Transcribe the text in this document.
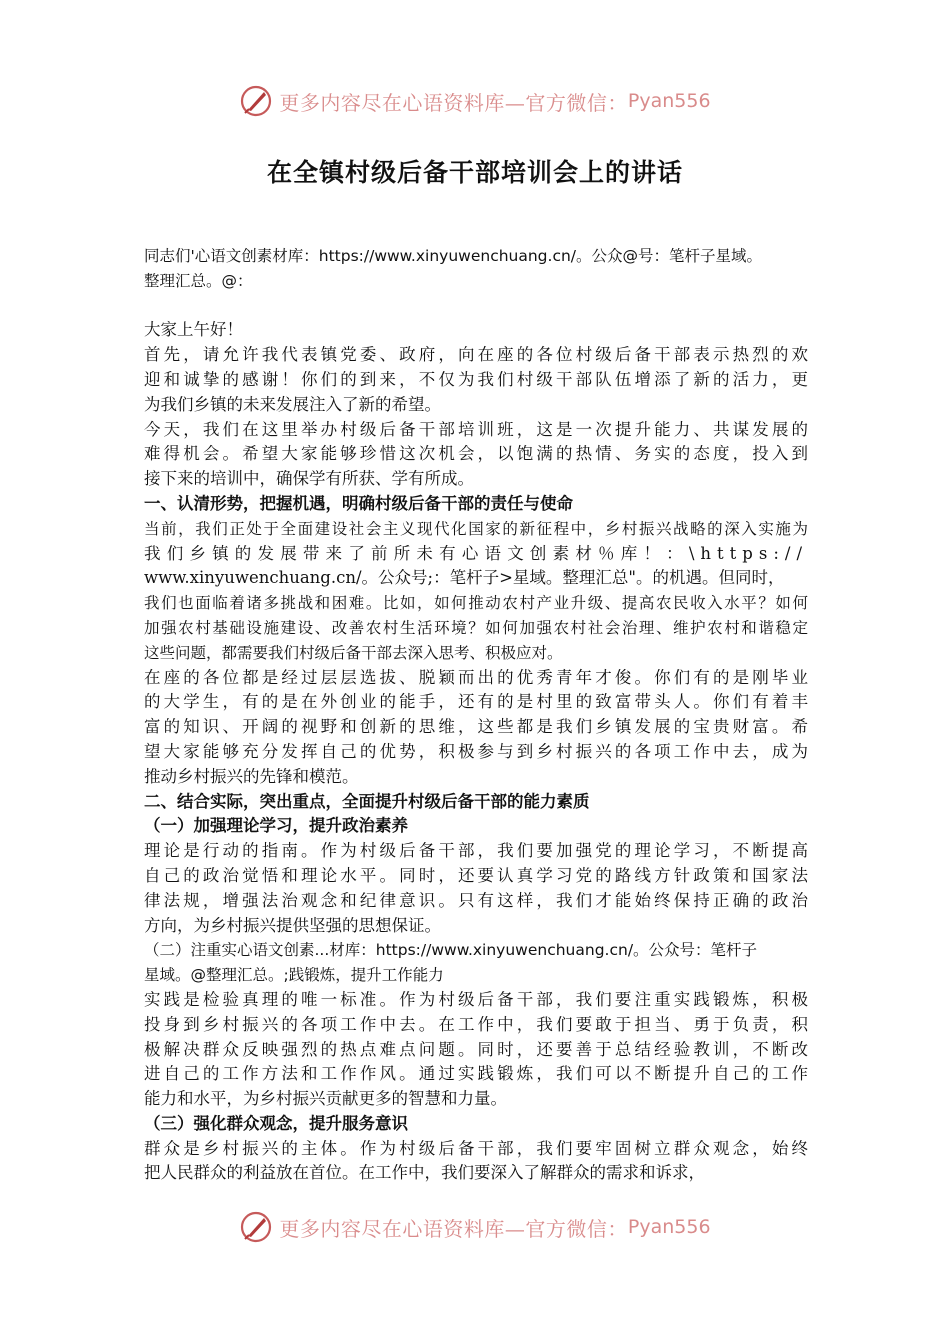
更多内容尽在心语资料库—官方微信： Pyan556
在全镇村级后备干部培训会上的讲话
同志们'心语文创素材库：https://www.xinyuwenchuang.cn/。公众@号：笔杆子星域。
整理汇总。@：
大家上午好！
首先，请允许我代表镇党委、政府，向在座的各位村级后备干部表示热烈的欢
迎和诚挚的感谢！你们的到来，不仅为我们村级干部队伍增添了新的活力，更
为我们乡镇的未来发展注入了新的希望。
今天，我们在这里举办村级后备干部培训班，这是一次提升能力、共谋发展的
难得机会。希望大家能够珍惜这次机会，以饱满的热情、务实的态度，投入到
接下来的培训中，确保学有所获、学有所成。
一、认清形势，把握机遇，明确村级后备干部的责任与使命
当前，我们正处于全面建设社会主义现代化国家的新征程中，乡村振兴战略的深入实施为
我们乡镇的发展带来了前所未有心语文创素材％库！：\https://
www.xinyuwenchuang.cn/。公众号;：笔杆子>星域。整理汇总"。的机遇。但同时，
我们也面临着诸多挑战和困难。比如，如何推动农村产业升级、提高农民收入水平？如何
加强农村基础设施建设、改善农村生活环境？如何加强农村社会治理、维护农村和谐稳定
这些问题，都需要我们村级后备干部去深入思考、积极应对。
在座的各位都是经过层层选拔、脱颖而出的优秀青年才俊。你们有的是刚毕业
的大学生，有的是在外创业的能手，还有的是村里的致富带头人。你们有着丰
富的知识、开阔的视野和创新的思维，这些都是我们乡镇发展的宝贵财富。希
望大家能够充分发挥自己的优势，积极参与到乡村振兴的各项工作中去，成为
推动乡村振兴的先锋和模范。
二、结合实际，突出重点，全面提升村级后备干部的能力素质
（一）加强理论学习，提升政治素养
理论是行动的指南。作为村级后备干部，我们要加强党的理论学习，不断提高
自己的政治觉悟和理论水平。同时，还要认真学习党的路线方针政策和国家法
律法规，增强法治观念和纪律意识。只有这样，我们才能始终保持正确的政治
方向，为乡村振兴提供坚强的思想保证。
（二）注重实心语文创素...材库：https://www.xinyuwenchuang.cn/。公众号：笔杆子
星域。@整理汇总。;践锻炼，提升工作能力
实践是检验真理的唯一标准。作为村级后备干部，我们要注重实践锻炼，积极
投身到乡村振兴的各项工作中去。在工作中，我们要敢于担当、勇于负责，积
极解决群众反映强烈的热点难点问题。同时，还要善于总结经验教训，不断改
进自己的工作方法和工作作风。通过实践锻炼，我们可以不断提升自己的工作
能力和水平，为乡村振兴贡献更多的智慧和力量。
（三）强化群众观念，提升服务意识
群众是乡村振兴的主体。作为村级后备干部，我们要牢固树立群众观念，始终
把人民群众的利益放在首位。在工作中，我们要深入了解群众的需求和诉求，
更多内容尽在心语资料库—官方微信： Pyan556
